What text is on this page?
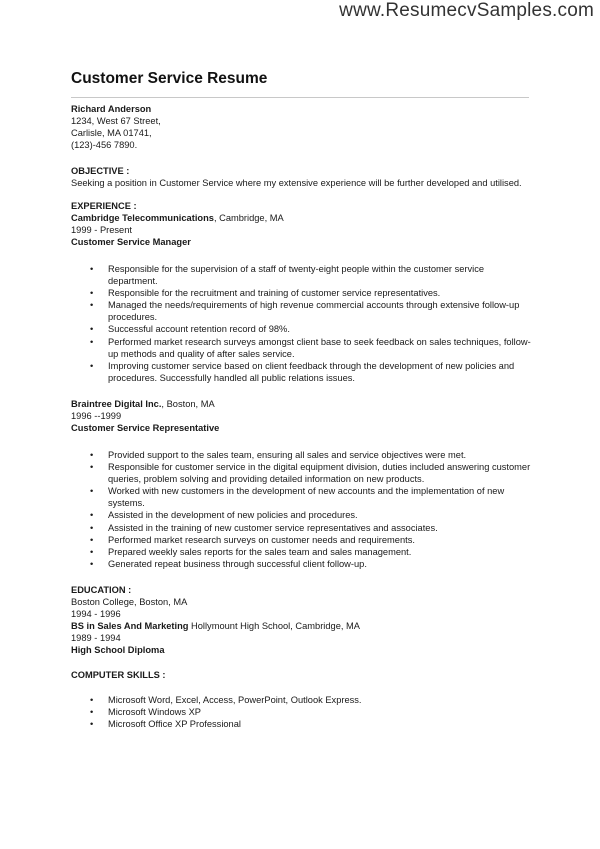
www.ResumecvSamples.com
Customer Service Resume
Richard Anderson
1234, West 67 Street,
Carlisle, MA 01741,
(123)-456 7890.
OBJECTIVE :
Seeking a position in Customer Service where my extensive experience will be further developed and utilised.
EXPERIENCE :
Cambridge Telecommunications, Cambridge, MA
1999 - Present
Customer Service Manager
• Responsible for the supervision of a staff of twenty-eight people within the customer service
department.
• Responsible for the recruitment and training of customer service representatives.
• Managed the needs/requirements of high revenue commercial accounts through extensive follow-up
procedures.
• Successful account retention record of 98%.
• Performed market research surveys amongst client base to seek feedback on sales techniques, follow-
up methods and quality of after sales service.
• Improving customer service based on client feedback through the development of new policies and
procedures. Successfully handled all public relations issues.
Braintree Digital Inc., Boston, MA
1996 --1999
Customer Service Representative
• Provided support to the sales team, ensuring all sales and service objectives were met.
• Responsible for customer service in the digital equipment division, duties included answering customer
queries, problem solving and providing detailed information on new products.
• Worked with new customers in the development of new accounts and the implementation of new
systems.
• Assisted in the development of new policies and procedures.
• Assisted in the training of new customer service representatives and associates.
• Performed market research surveys on customer needs and requirements.
• Prepared weekly sales reports for the sales team and sales management.
• Generated repeat business through successful client follow-up.
EDUCATION :
Boston College, Boston, MA
1994 - 1996
BS in Sales And Marketing Hollymount High School, Cambridge, MA
1989 - 1994
High School Diploma
COMPUTER SKILLS :
• Microsoft Word, Excel, Access, PowerPoint, Outlook Express.
• Microsoft Windows XP
• Microsoft Office XP Professional
